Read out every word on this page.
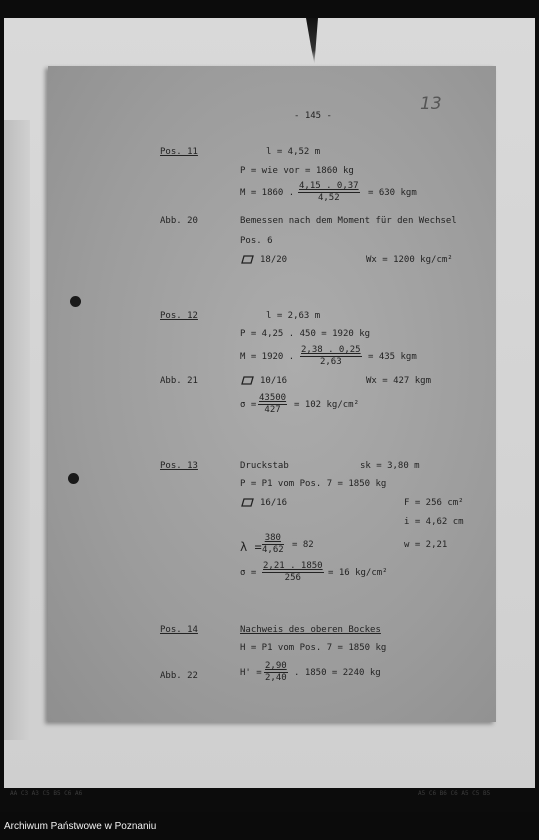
AA C3 A3 C5 B5 C6 A6	A5 C6 B6 C6 A5 C5 B5
- 145 -
13
Pos. 11	l = 4,52 m
P = wie vor = 1860 kg
M = 1860 . $\frac{4,15 . 0,37}{4,52} = 630$ kgm
Abb. 20	Bemessen nach dem Moment für den Wechsel
Pos. 6
18/20	Wx = 1200 kg/cm²
Pos. 12	l = 2,63 m
P = 4,25 . 450 = 1920 kg
M = 1920 . $\frac{2,38 . 0,25}{2,63} = 435$ kgm
Abb. 21	10/16	Wx = 427 kgm
$\sigma = \frac{43500}{427} = 102$ kg/cm²
Pos. 13	Druckstab	sk = 3,80 m
P = P1 vom Pos. 7 = 1850 kg
16/16	F = 256 cm²
i = 4,62 cm
$\lambda = \frac{380}{4,62} = 82$	w = 2,21
$\sigma = \frac{2,21 . 1850}{256} = 16$ kg/cm²
Pos. 14	Nachweis des oberen Bockes
H = P1 vom Pos. 7 = 1850 kg
Abb. 22	$H' = \frac{2,90}{2,40}$ . 1850 = 2240 kg
Archiwum Państwowe w Poznaniu
